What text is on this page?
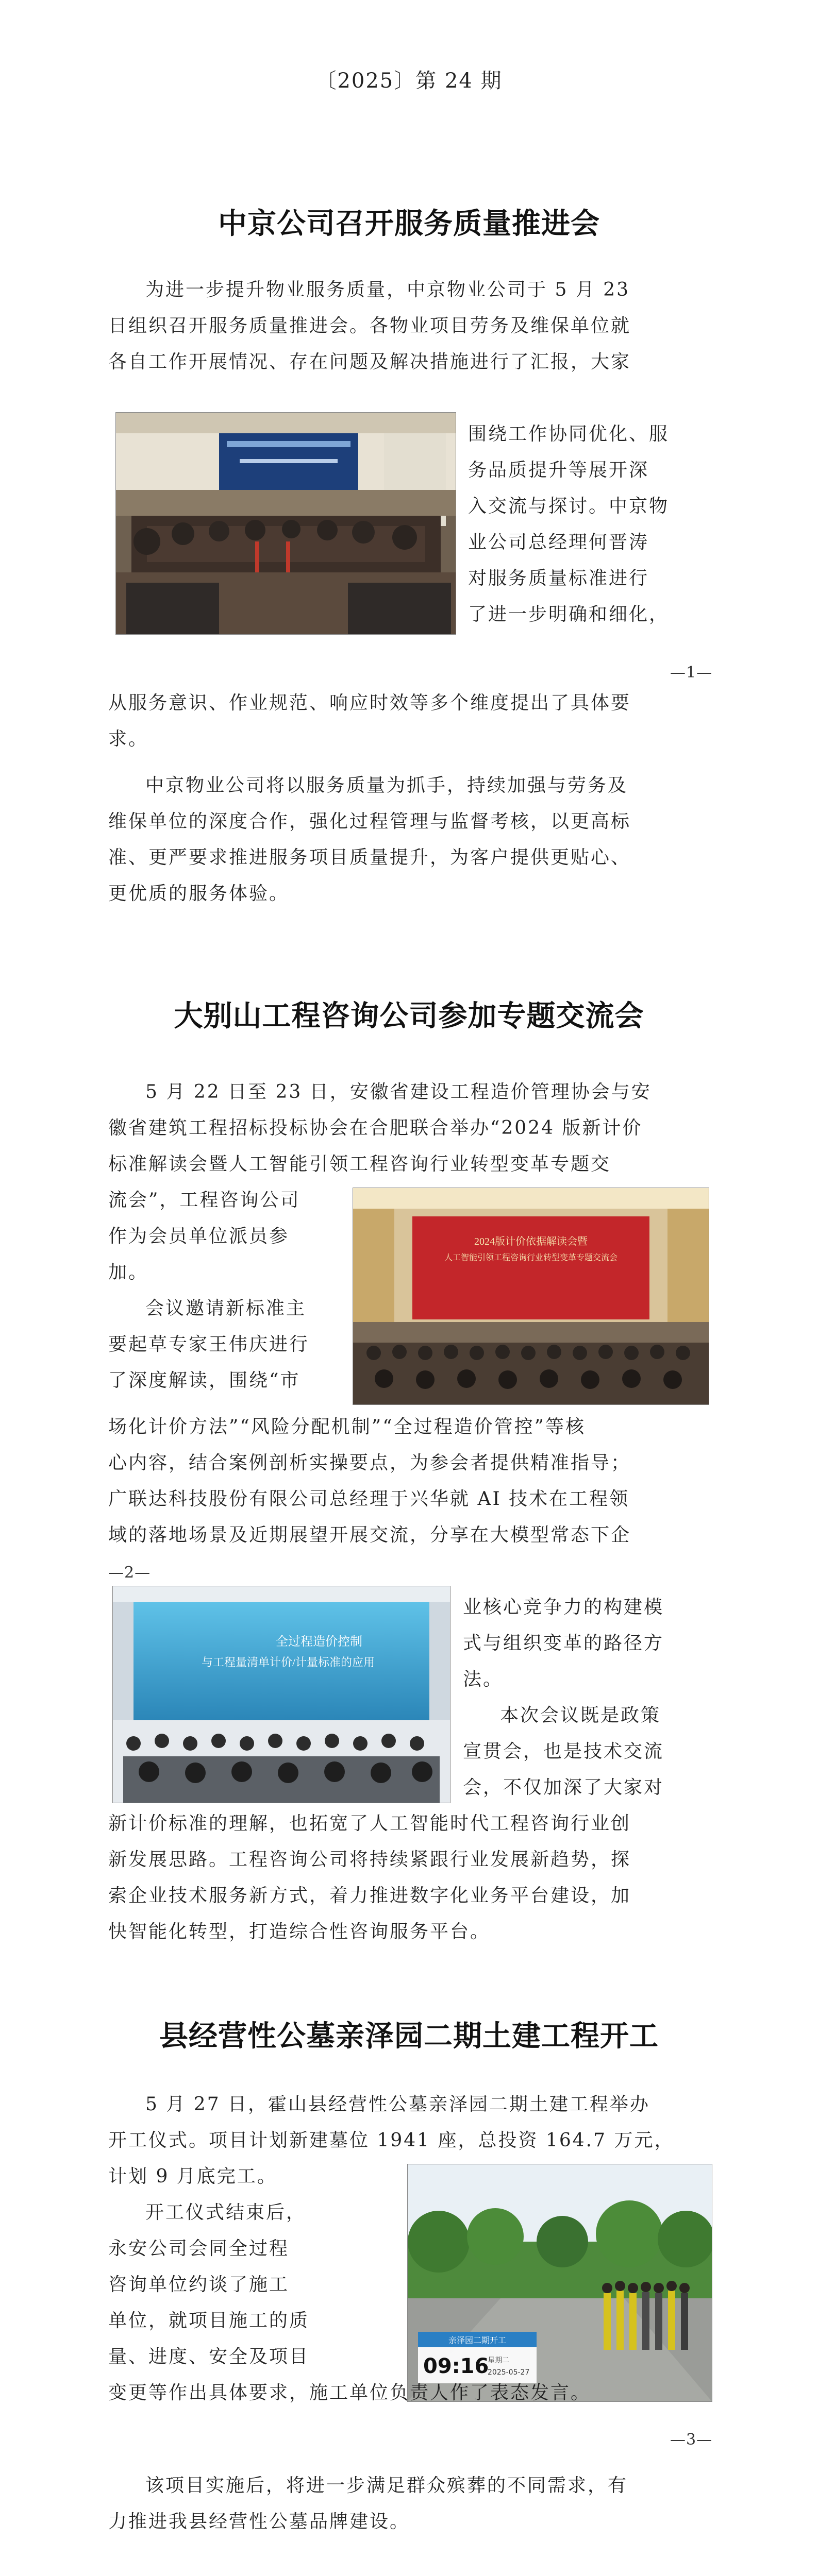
〔2025〕第 24 期
中京公司召开服务质量推进会
为进一步提升物业服务质量，中京物业公司于 5 月 23
日组织召开服务质量推进会。各物业项目劳务及维保单位就
各自工作开展情况、存在问题及解决措施进行了汇报，大家
围绕工作协同优化、服
务品质提升等展开深
入交流与探讨。中京物
业公司总经理何晋涛
对服务质量标准进行
了进一步明确和细化，
—1—
从服务意识、作业规范、响应时效等多个维度提出了具体要
求。
中京物业公司将以服务质量为抓手，持续加强与劳务及
维保单位的深度合作，强化过程管理与监督考核，以更高标
准、更严要求推进服务项目质量提升，为客户提供更贴心、
更优质的服务体验。
大别山工程咨询公司参加专题交流会
5 月 22 日至 23 日，安徽省建设工程造价管理协会与安
徽省建筑工程招标投标协会在合肥联合举办“2024 版新计价
标准解读会暨人工智能引领工程咨询行业转型变革专题交
流会”，工程咨询公司
作为会员单位派员参
加。
会议邀请新标准主
要起草专家王伟庆进行
了深度解读，围绕“市
2024版计价依据解读会暨
人工智能引领工程咨询行业转型变革专题交流会
场化计价方法”“风险分配机制”“全过程造价管控”等核
心内容，结合案例剖析实操要点，为参会者提供精准指导；
广联达科技股份有限公司总经理于兴华就 AI 技术在工程领
域的落地场景及近期展望开展交流，分享在大模型常态下企
—2—
全过程造价控制
与工程量清单计价/计量标准的应用
业核心竞争力的构建模
式与组织变革的路径方
法。
本次会议既是政策
宣贯会，也是技术交流
会，不仅加深了大家对
新计价标准的理解，也拓宽了人工智能时代工程咨询行业创
新发展思路。工程咨询公司将持续紧跟行业发展新趋势，探
索企业技术服务新方式，着力推进数字化业务平台建设，加
快智能化转型，打造综合性咨询服务平台。
县经营性公墓亲泽园二期土建工程开工
5 月 27 日，霍山县经营性公墓亲泽园二期土建工程举办
开工仪式。项目计划新建墓位 1941 座，总投资 164.7 万元，
计划 9 月底完工。
开工仪式结束后，
永安公司会同全过程
咨询单位约谈了施工
单位，就项目施工的质
量、进度、安全及项目
亲泽园二期开工
09:16
星期二
2025-05-27
变更等作出具体要求，施工单位负责人作了表态发言。
—3—
该项目实施后，将进一步满足群众殡葬的不同需求，有
力推进我县经营性公墓品牌建设。
